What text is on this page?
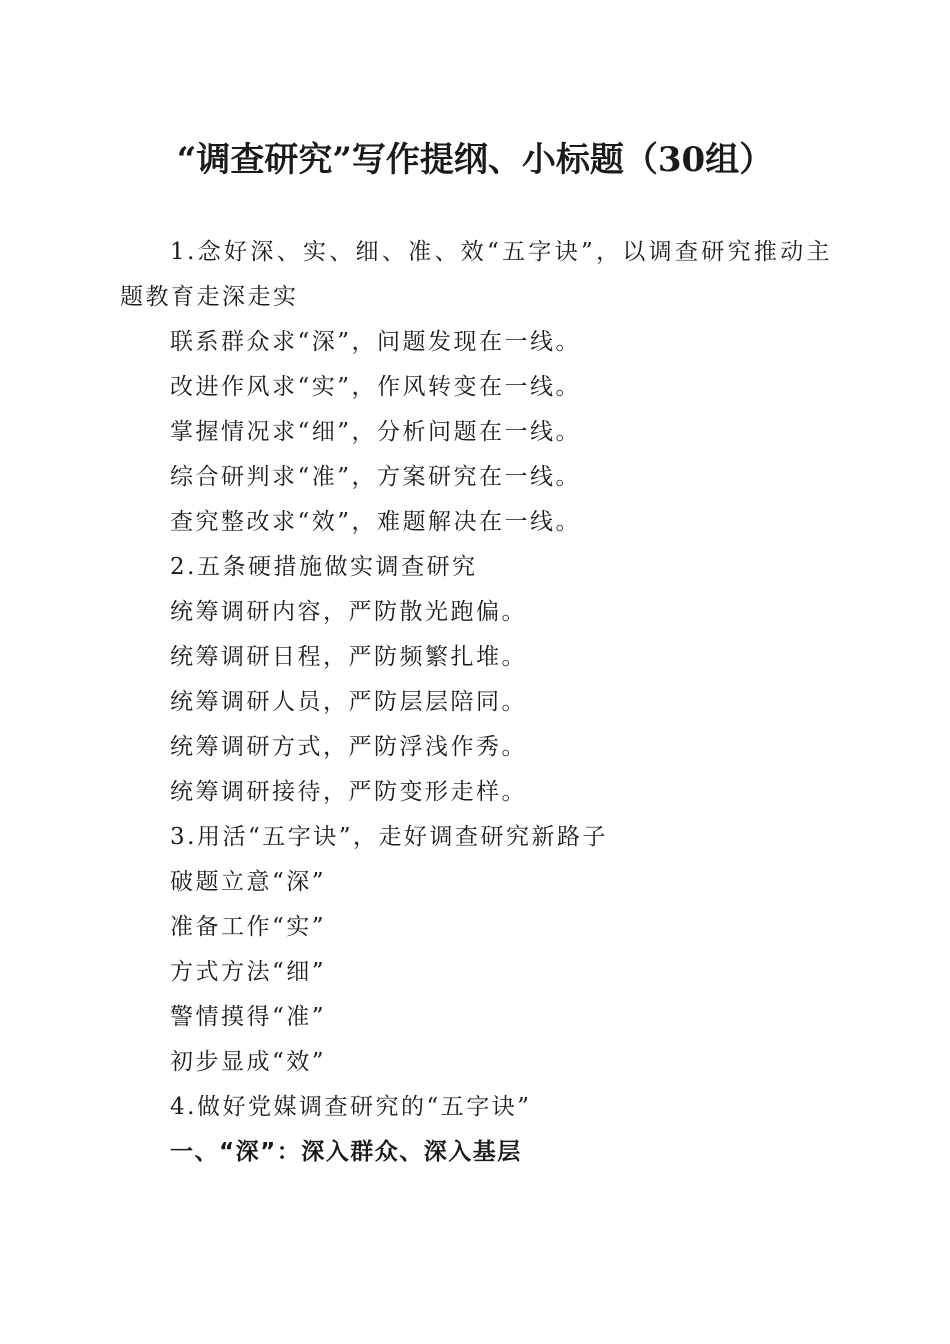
“调查研究”写作提纲、小标题（30组）

1.念好深、实、细、准、效“五字诀”，以调查研究推动主题教育走深走实

联系群众求“深”，问题发现在一线。

改进作风求“实”，作风转变在一线。

掌握情况求“细”，分析问题在一线。

综合研判求“准”，方案研究在一线。

查究整改求“效”，难题解决在一线。

2.五条硬措施做实调查研究

统筹调研内容，严防散光跑偏。

统筹调研日程，严防频繁扎堆。

统筹调研人员，严防层层陪同。

统筹调研方式，严防浮浅作秀。

统筹调研接待，严防变形走样。

3.用活“五字诀”，走好调查研究新路子

破题立意“深”

准备工作“实”

方式方法“细”

警情摸得“准”

初步显成“效”

4.做好党媒调查研究的“五字诀”

一、“深”：深入群众、深入基层
